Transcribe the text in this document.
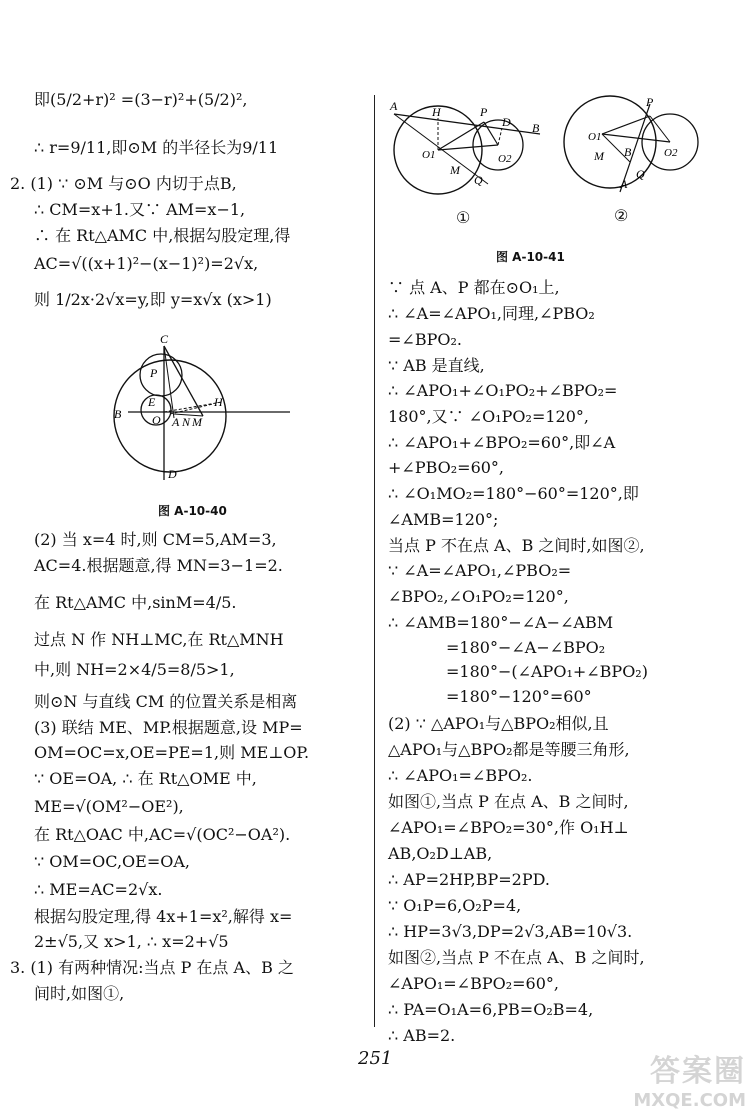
即(5/2+r)² =(3−r)²+(5/2)²,
∴ r=9/11,即⊙M 的半径长为9/11
2. (1) ∵ ⊙M 与⊙O 内切于点B,
∴ CM=x+1.又∵ AM=x−1,
∴ 在 Rt△AMC 中,根据勾股定理,得
AC=√((x+1)²−(x−1)²)=2√x,
则 1/2x·2√x=y,即 y=x√x (x>1)
C
P
E	H
B	O A N M
D
图 A-10-40
(2) 当 x=4 时,则 CM=5,AM=3,
AC=4.根据题意,得 MN=3−1=2.
在 Rt△AMC 中,sinM=4/5.
过点 N 作 NH⊥MC,在 Rt△MNH
中,则 NH=2×4/5=8/5>1,
则⊙N 与直线 CM 的位置关系是相离
(3) 联结 ME、MP.根据题意,设 MP=
OM=OC=x,OE=PE=1,则 ME⊥OP.
∵ OE=OA, ∴ 在 Rt△OME 中,
ME=√(OM²−OE²),
在 Rt△OAC 中,AC=√(OC²−OA²).
∵ OM=OC,OE=OA,
∴ ME=AC=2√x.
根据勾股定理,得 4x+1=x²,解得 x=
2±√5,又 x>1, ∴ x=2+√5
3. (1) 有两种情况:当点 P 在点 A、B 之
间时,如图①,
A	H	P
D B
O1	O2
M
Q
P
O1
B
M	O2
A
Q
①	②
图 A-10-41
∵ 点 A、P 都在⊙O₁上,
∴ ∠A=∠APO₁,同理,∠PBO₂
=∠BPO₂.
∵ AB 是直线,
∴ ∠APO₁+∠O₁PO₂+∠BPO₂=
180°,又∵ ∠O₁PO₂=120°,
∴ ∠APO₁+∠BPO₂=60°,即∠A
+∠PBO₂=60°,
∴ ∠O₁MO₂=180°−60°=120°,即
∠AMB=120°;
当点 P 不在点 A、B 之间时,如图②,
∵ ∠A=∠APO₁,∠PBO₂=
∠BPO₂,∠O₁PO₂=120°,
∴ ∠AMB=180°−∠A−∠ABM
=180°−∠A−∠BPO₂
=180°−(∠APO₁+∠BPO₂)
=180°−120°=60°
(2) ∵ △APO₁与△BPO₂相似,且
△APO₁与△BPO₂都是等腰三角形,
∴ ∠APO₁=∠BPO₂.
如图①,当点 P 在点 A、B 之间时,
∠APO₁=∠BPO₂=30°,作 O₁H⊥
AB,O₂D⊥AB,
∴ AP=2HP,BP=2PD.
∵ O₁P=6,O₂P=4,
∴ HP=3√3,DP=2√3,AB=10√3.
如图②,当点 P 不在点 A、B 之间时,
∠APO₁=∠BPO₂=60°,
∴ PA=O₁A=6,PB=O₂B=4,
∴ AB=2.
251	答案圈
MXQE.COM
